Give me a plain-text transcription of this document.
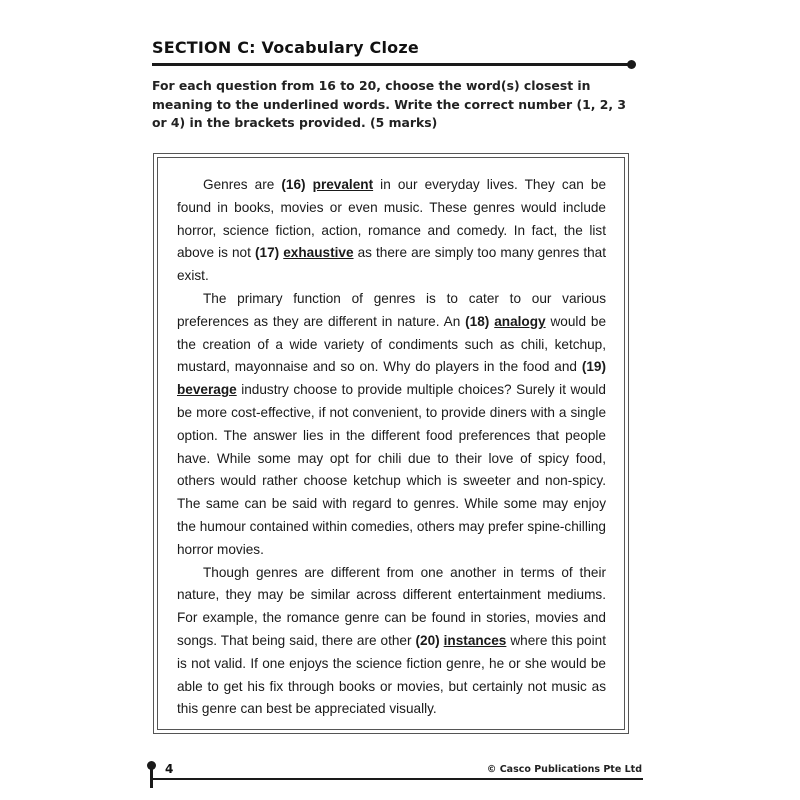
SECTION C: Vocabulary Cloze
For each question from 16 to 20, choose the word(s) closest in meaning to the underlined words. Write the correct number (1, 2, 3 or 4) in the brackets provided. (5 marks)

Genres are (16) prevalent in our everyday lives. They can be found in books, movies or even music. These genres would include horror, science fiction, action, romance and comedy. In fact, the list above is not (17) exhaustive as there are simply too many genres that exist.

The primary function of genres is to cater to our various preferences as they are different in nature. An (18) analogy would be the creation of a wide variety of condiments such as chili, ketchup, mustard, mayonnaise and so on. Why do players in the food and (19) beverage industry choose to provide multiple choices? Surely it would be more cost-effective, if not convenient, to provide diners with a single option. The answer lies in the different food preferences that people have. While some may opt for chili due to their love of spicy food, others would rather choose ketchup which is sweeter and non-spicy. The same can be said with regard to genres. While some may enjoy the humour contained within comedies, others may prefer spine-chilling horror movies.

Though genres are different from one another in terms of their nature, they may be similar across different entertainment mediums. For example, the romance genre can be found in stories, movies and songs. That being said, there are other (20) instances where this point is not valid. If one enjoys the science fiction genre, he or she would be able to get his fix through books or movies, but certainly not music as this genre can best be appreciated visually.

4	© Casco Publications Pte Ltd
